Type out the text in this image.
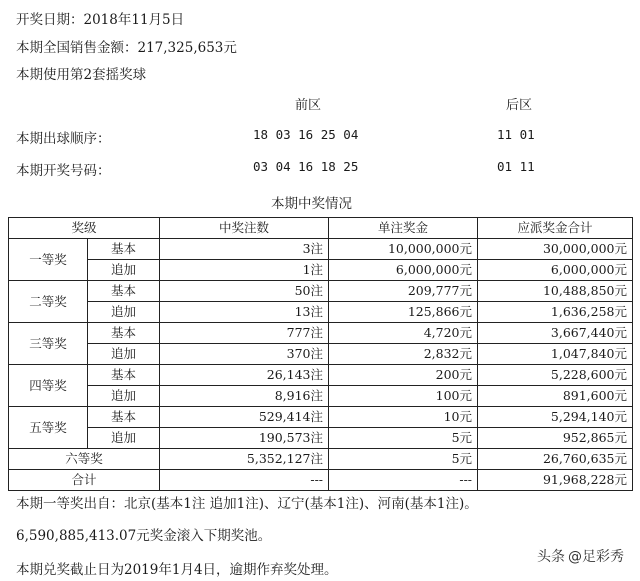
开奖日期：2018年11月5日
本期全国销售金额：217,325,653元
本期使用第2套摇奖球
前区	后区
本期出球顺序：	18 03 16 25 04	11 01
本期开奖号码：	03 04 16 18 25	01 11
本期中奖情况
奖级		中奖注数	单注奖金	应派奖金合计
一等奖	基本	3注	10,000,000元	30,000,000元
	追加	1注	6,000,000元	6,000,000元
二等奖	基本	50注	209,777元	10,488,850元
	追加	13注	125,866元	1,636,258元
三等奖	基本	777注	4,720元	3,667,440元
	追加	370注	2,832元	1,047,840元
四等奖	基本	26,143注	200元	5,228,600元
	追加	8,916注	100元	891,600元
五等奖	基本	529,414注	10元	5,294,140元
	追加	190,573注	5元	952,865元
六等奖		5,352,127注	5元	26,760,635元
合计		---	---	91,968,228元
本期一等奖出自：北京(基本1注 追加1注)、辽宁(基本1注)、河南(基本1注)。
6,590,885,413.07元奖金滚入下期奖池。
本期兑奖截止日为2019年1月4日，逾期作弃奖处理。
头条 @足彩秀
